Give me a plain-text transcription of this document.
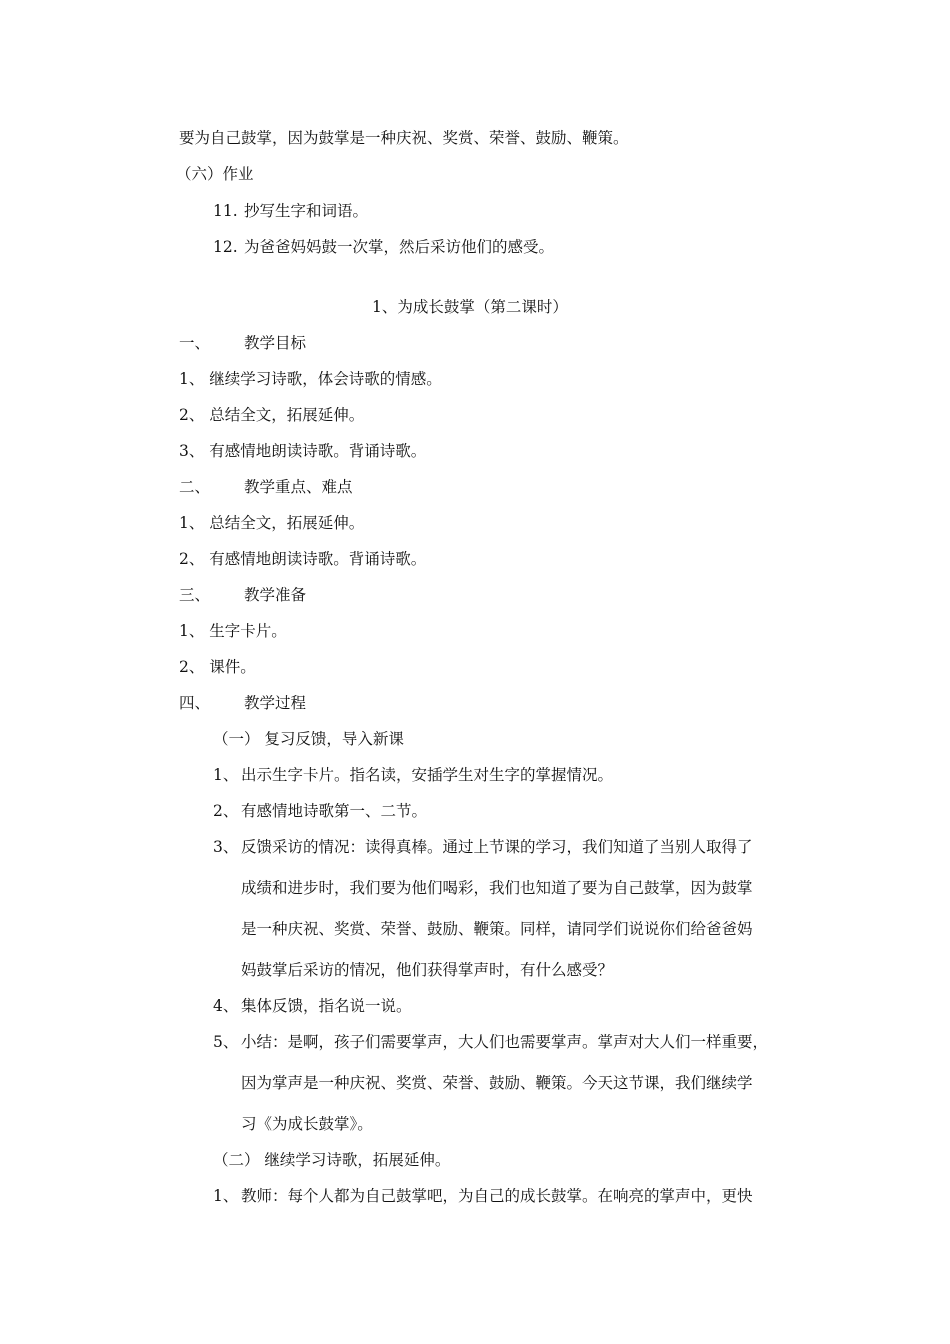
要为自己鼓掌，因为鼓掌是一种庆祝、奖赏、荣誉、鼓励、鞭策。
（六）作业
11. 抄写生字和词语。
12. 为爸爸妈妈鼓一次掌，然后采访他们的感受。
1、为成长鼓掌（第二课时）
一、 教学目标
1、 继续学习诗歌，体会诗歌的情感。
2、 总结全文，拓展延伸。
3、 有感情地朗读诗歌。背诵诗歌。
二、 教学重点、难点
1、 总结全文，拓展延伸。
2、 有感情地朗读诗歌。背诵诗歌。
三、 教学准备
1、 生字卡片。
2、 课件。
四、 教学过程
（一） 复习反馈，导入新课
1、 出示生字卡片。指名读，安插学生对生字的掌握情况。
2、 有感情地诗歌第一、二节。
3、 反馈采访的情况：读得真棒。通过上节课的学习，我们知道了当别人取得了
成绩和进步时，我们要为他们喝彩，我们也知道了要为自己鼓掌，因为鼓掌
是一种庆祝、奖赏、荣誉、鼓励、鞭策。同样，请同学们说说你们给爸爸妈
妈鼓掌后采访的情况，他们获得掌声时，有什么感受？
4、 集体反馈，指名说一说。
5、 小结：是啊，孩子们需要掌声，大人们也需要掌声。掌声对大人们一样重要，
因为掌声是一种庆祝、奖赏、荣誉、鼓励、鞭策。今天这节课，我们继续学
习《为成长鼓掌》。
（二） 继续学习诗歌，拓展延伸。
1、 教师：每个人都为自己鼓掌吧，为自己的成长鼓掌。在响亮的掌声中，更快
